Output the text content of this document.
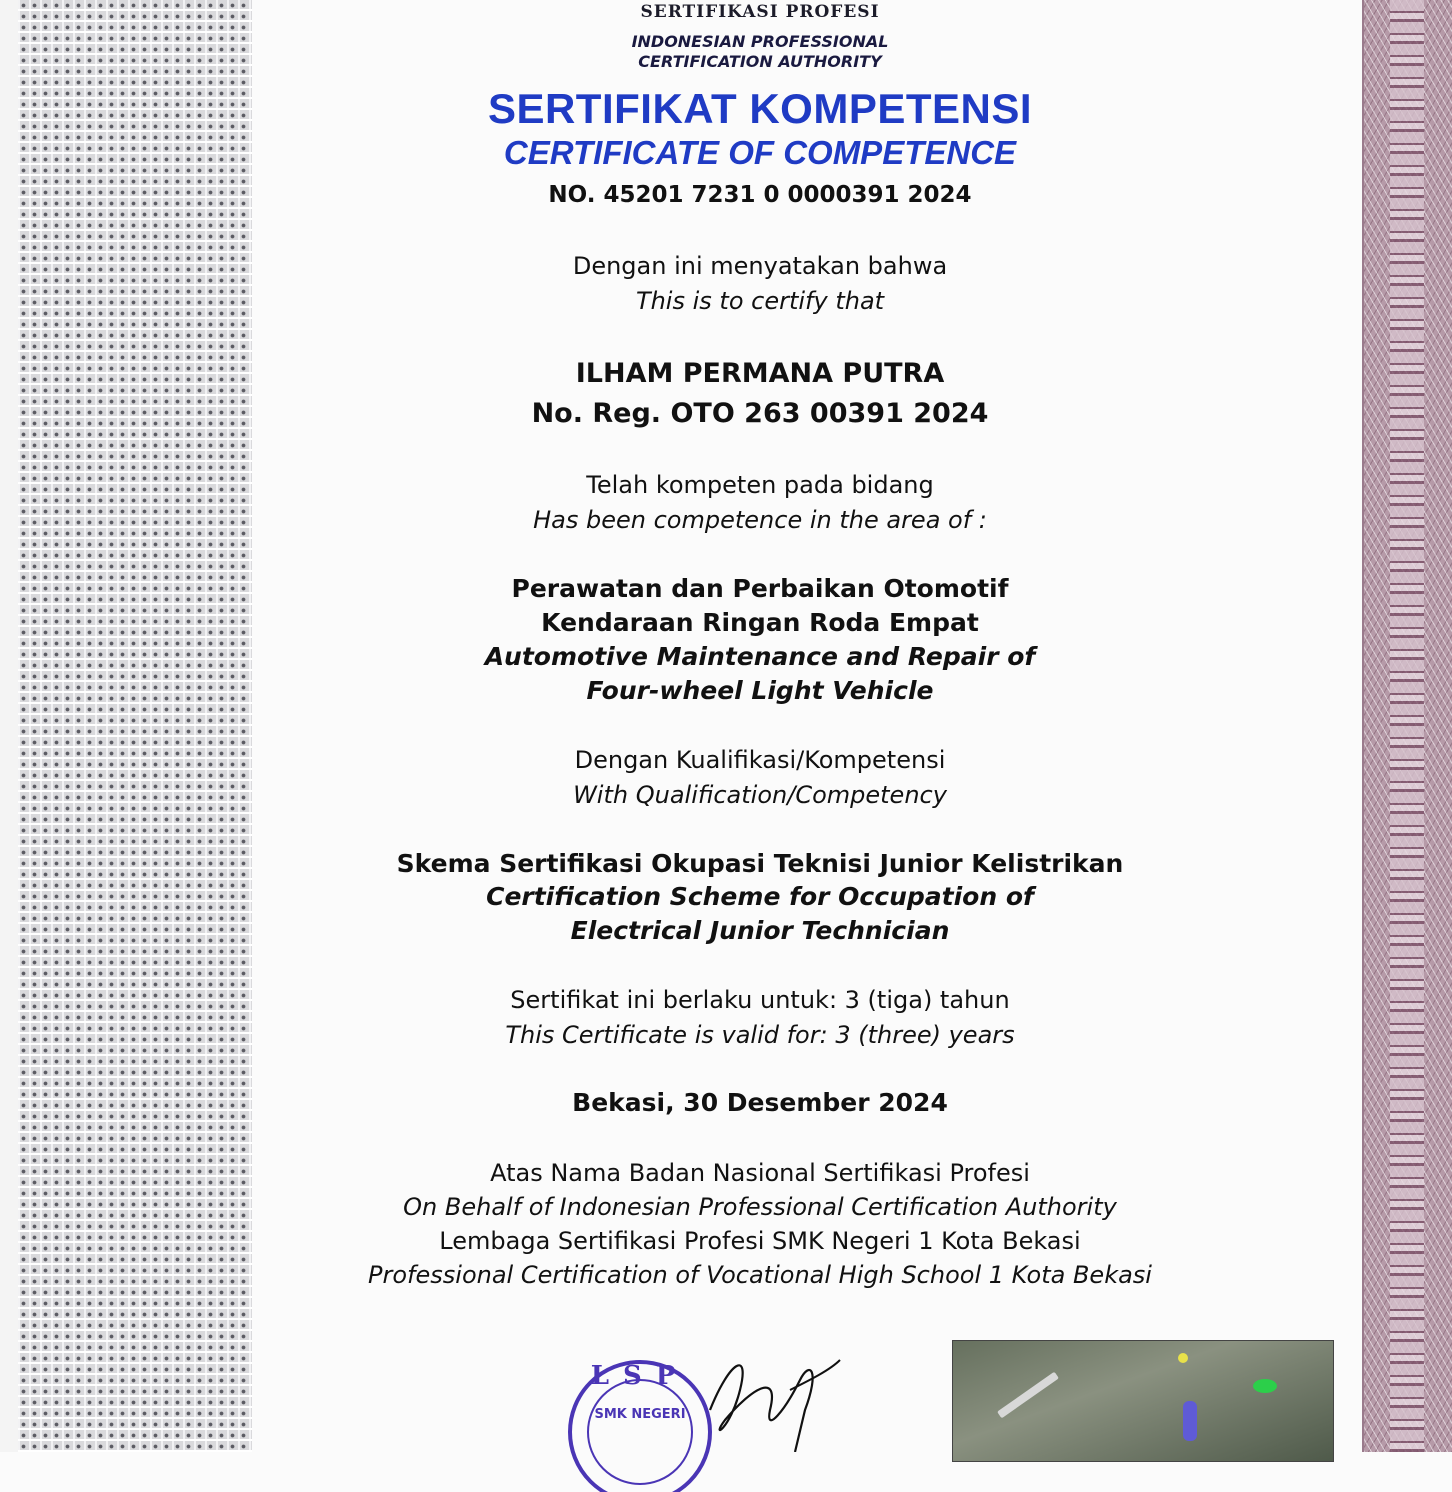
SERTIFIKASI PROFESI
INDONESIAN PROFESSIONAL
CERTIFICATION AUTHORITY
SERTIFIKAT KOMPETENSI
CERTIFICATE OF COMPETENCE
NO. 45201 7231 0 0000391 2024
Dengan ini menyatakan bahwa
This is to certify that
ILHAM PERMANA PUTRA
No. Reg. OTO 263 00391 2024
Telah kompeten pada bidang
Has been competence in the area of :
Perawatan dan Perbaikan Otomotif
Kendaraan Ringan Roda Empat
Automotive Maintenance and Repair of
Four-wheel Light Vehicle
Dengan Kualifikasi/Kompetensi
With Qualification/Competency
Skema Sertifikasi Okupasi Teknisi Junior Kelistrikan
Certification Scheme for Occupation of
Electrical Junior Technician
Sertifikat ini berlaku untuk: 3 (tiga) tahun
This Certificate is valid for: 3 (three) years
Bekasi, 30 Desember 2024
Atas Nama Badan Nasional Sertifikasi Profesi
On Behalf of Indonesian Professional Certification Authority
Lembaga Sertifikasi Profesi SMK Negeri 1 Kota Bekasi
Professional Certification of Vocational High School 1 Kota Bekasi
LSP
SMK NEGERI
